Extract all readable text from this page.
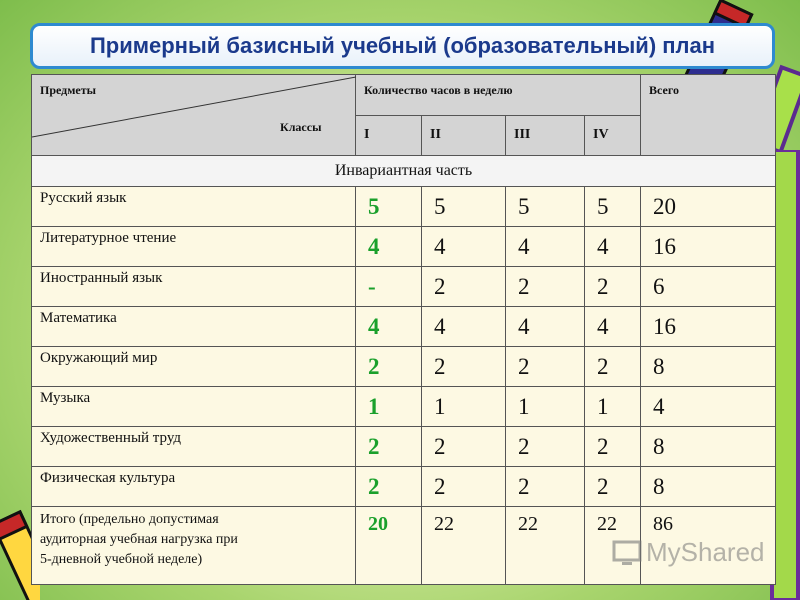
Примерный базисный учебный (образовательный) план
Предметы
Классы	Количество часов в неделю				Всего
	I	II	III	IV	
Инвариантная часть					
Русский язык	5	5	5	5	20
Литературное чтение	4	4	4	4	16
Иностранный язык	-	2	2	2	6
Математика	4	4	4	4	16
Окружающий мир	2	2	2	2	8
Музыка	1	1	1	1	4
Художественный труд	2	2	2	2	8
Физическая культура	2	2	2	2	8

Итого (предельно допустимая
аудиторная учебная нагрузка при
5-дневной учебной неделе)	20	22	22	22	86
MyShared
